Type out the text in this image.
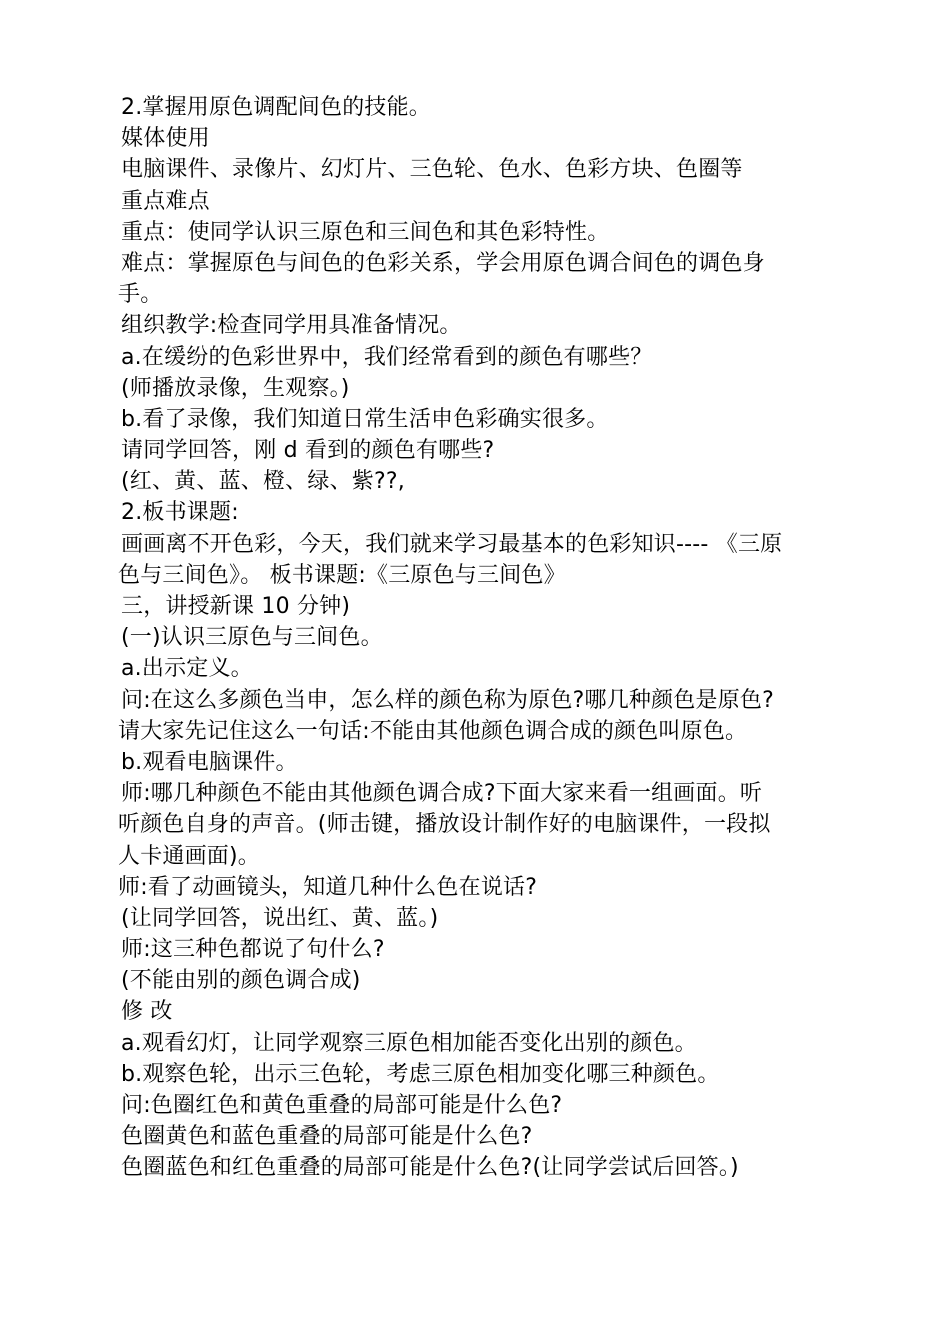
2.掌握用原色调配间色的技能。
媒体使用
电脑课件、录像片、幻灯片、三色轮、色水、色彩方块、色圈等
重点难点
重点：使同学认识三原色和三间色和其色彩特性。
难点：掌握原色与间色的色彩关系，学会用原色调合间色的调色身
手。
组织教学:检查同学用具准备情况。
a.在缓纷的色彩世界中，我们经常看到的颜色有哪些？
(师播放录像，生观察。)
b.看了录像，我们知道日常生活申色彩确实很多。
请同学回答，刚 d 看到的颜色有哪些?
(红、黄、蓝、橙、绿、紫??,
2.板书课题:
画画离不开色彩，今天，我们就来学习最基本的色彩知识---- 《三原
色与三间色》。 板书课题:《三原色与三间色》
三，讲授新课 10 分钟)
(一)认识三原色与三间色。
a.出示定义。
问:在这么多颜色当申，怎么样的颜色称为原色?哪几种颜色是原色?
请大家先记住这么一句话:不能由其他颜色调合成的颜色叫原色。
b.观看电脑课件。
师:哪几种颜色不能由其他颜色调合成?下面大家来看一组画面。听
听颜色自身的声音。(师击键，播放设计制作好的电脑课件，一段拟
人卡通画面)。
师:看了动画镜头，知道几种什么色在说话?
(让同学回答，说出红、黄、蓝。)
师:这三种色都说了句什么?
(不能由别的颜色调合成)
修 改
a.观看幻灯，让同学观察三原色相加能否变化出别的颜色。
b.观察色轮，出示三色轮，考虑三原色相加变化哪三种颜色。
问:色圈红色和黄色重叠的局部可能是什么色?
色圈黄色和蓝色重叠的局部可能是什么色?
色圈蓝色和红色重叠的局部可能是什么色?(让同学尝试后回答。)
